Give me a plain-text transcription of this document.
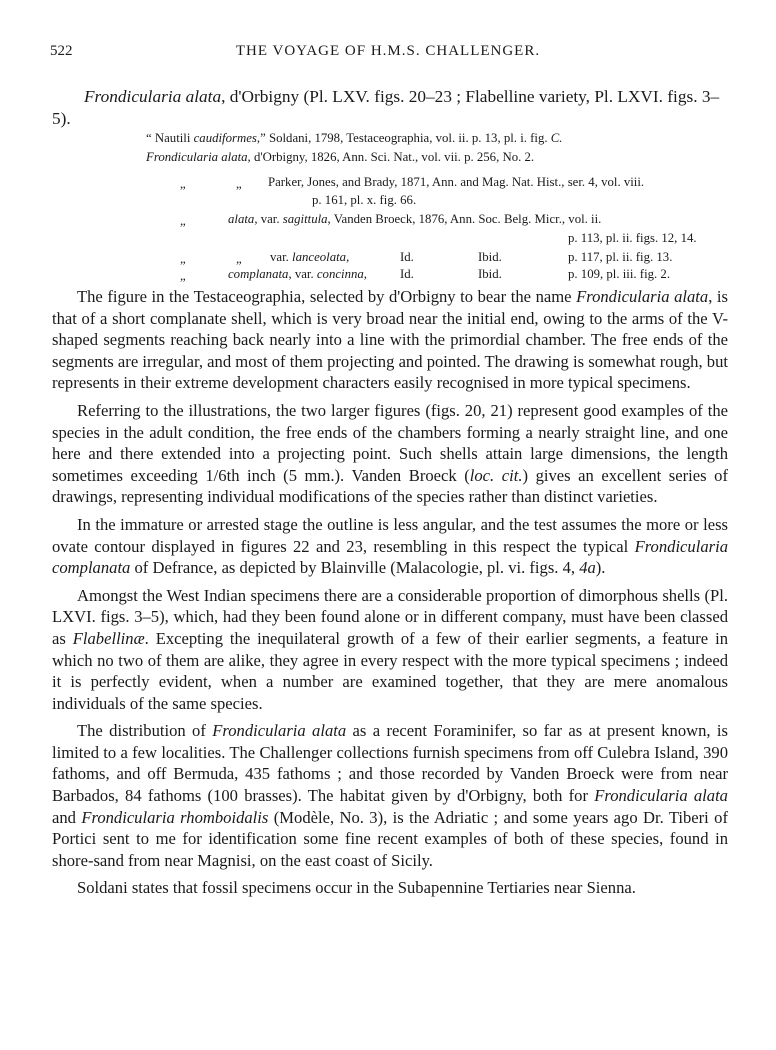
522	THE VOYAGE OF H.M.S. CHALLENGER.

Frondicularia alata, d'Orbigny (Pl. LXV. figs. 20–23 ; Flabelline variety, Pl. LXVI. figs. 3–5).

“ Nautili caudiformes,” Soldani, 1798, Testaceographia, vol. ii. p. 13, pl. i. fig. C.
Frondicularia alata, d'Orbigny, 1826, Ann. Sci. Nat., vol. vii. p. 256, No. 2.
„	„ Parker, Jones, and Brady, 1871, Ann. and Mag. Nat. Hist., ser. 4, vol. viii.
p. 161, pl. x. fig. 66.
„	alata, var. sagittula, Vanden Broeck, 1876, Ann. Soc. Belg. Micr., vol. ii.
p. 113, pl. ii. figs. 12, 14.
„	„ var. lanceolata,	Id.	Ibid.	p. 117, pl. ii. fig. 13.
„	complanata, var. concinna,	Id.	Ibid.	p. 109, pl. iii. fig. 2.

The figure in the Testaceographia, selected by d'Orbigny to bear the name Frondicularia alata, is that of a short complanate shell, which is very broad near the initial end, owing to the arms of the V-shaped segments reaching back nearly into a line with the primordial chamber. The free ends of the segments are irregular, and most of them projecting and pointed. The drawing is somewhat rough, but represents in their extreme development characters easily recognised in more typical specimens.

Referring to the illustrations, the two larger figures (figs. 20, 21) represent good examples of the species in the adult condition, the free ends of the chambers forming a nearly straight line, and one here and there extended into a projecting point. Such shells attain large dimensions, the length sometimes exceeding 1/6th inch (5 mm.). Vanden Broeck (loc. cit.) gives an excellent series of drawings, representing individual modifications of the species rather than distinct varieties.

In the immature or arrested stage the outline is less angular, and the test assumes the more or less ovate contour displayed in figures 22 and 23, resembling in this respect the typical Frondicularia complanata of Defrance, as depicted by Blainville (Malacologie, pl. vi. figs. 4, 4a).

Amongst the West Indian specimens there are a considerable proportion of dimorphous shells (Pl. LXVI. figs. 3–5), which, had they been found alone or in different company, must have been classed as Flabellinæ. Excepting the inequilateral growth of a few of their earlier segments, a feature in which no two of them are alike, they agree in every respect with the more typical specimens ; indeed it is perfectly evident, when a number are examined together, that they are mere anomalous individuals of the same species.

The distribution of Frondicularia alata as a recent Foraminifer, so far as at present known, is limited to a few localities. The Challenger collections furnish specimens from off Culebra Island, 390 fathoms, and off Bermuda, 435 fathoms ; and those recorded by Vanden Broeck were from near Barbados, 84 fathoms (100 brasses). The habitat given by d'Orbigny, both for Frondicularia alata and Frondicularia rhomboidalis (Modèle, No. 3), is the Adriatic ; and some years ago Dr. Tiberi of Portici sent to me for identification some fine recent examples of both of these species, found in shore-sand from near Magnisi, on the east coast of Sicily.

Soldani states that fossil specimens occur in the Subapennine Tertiaries near Sienna.
